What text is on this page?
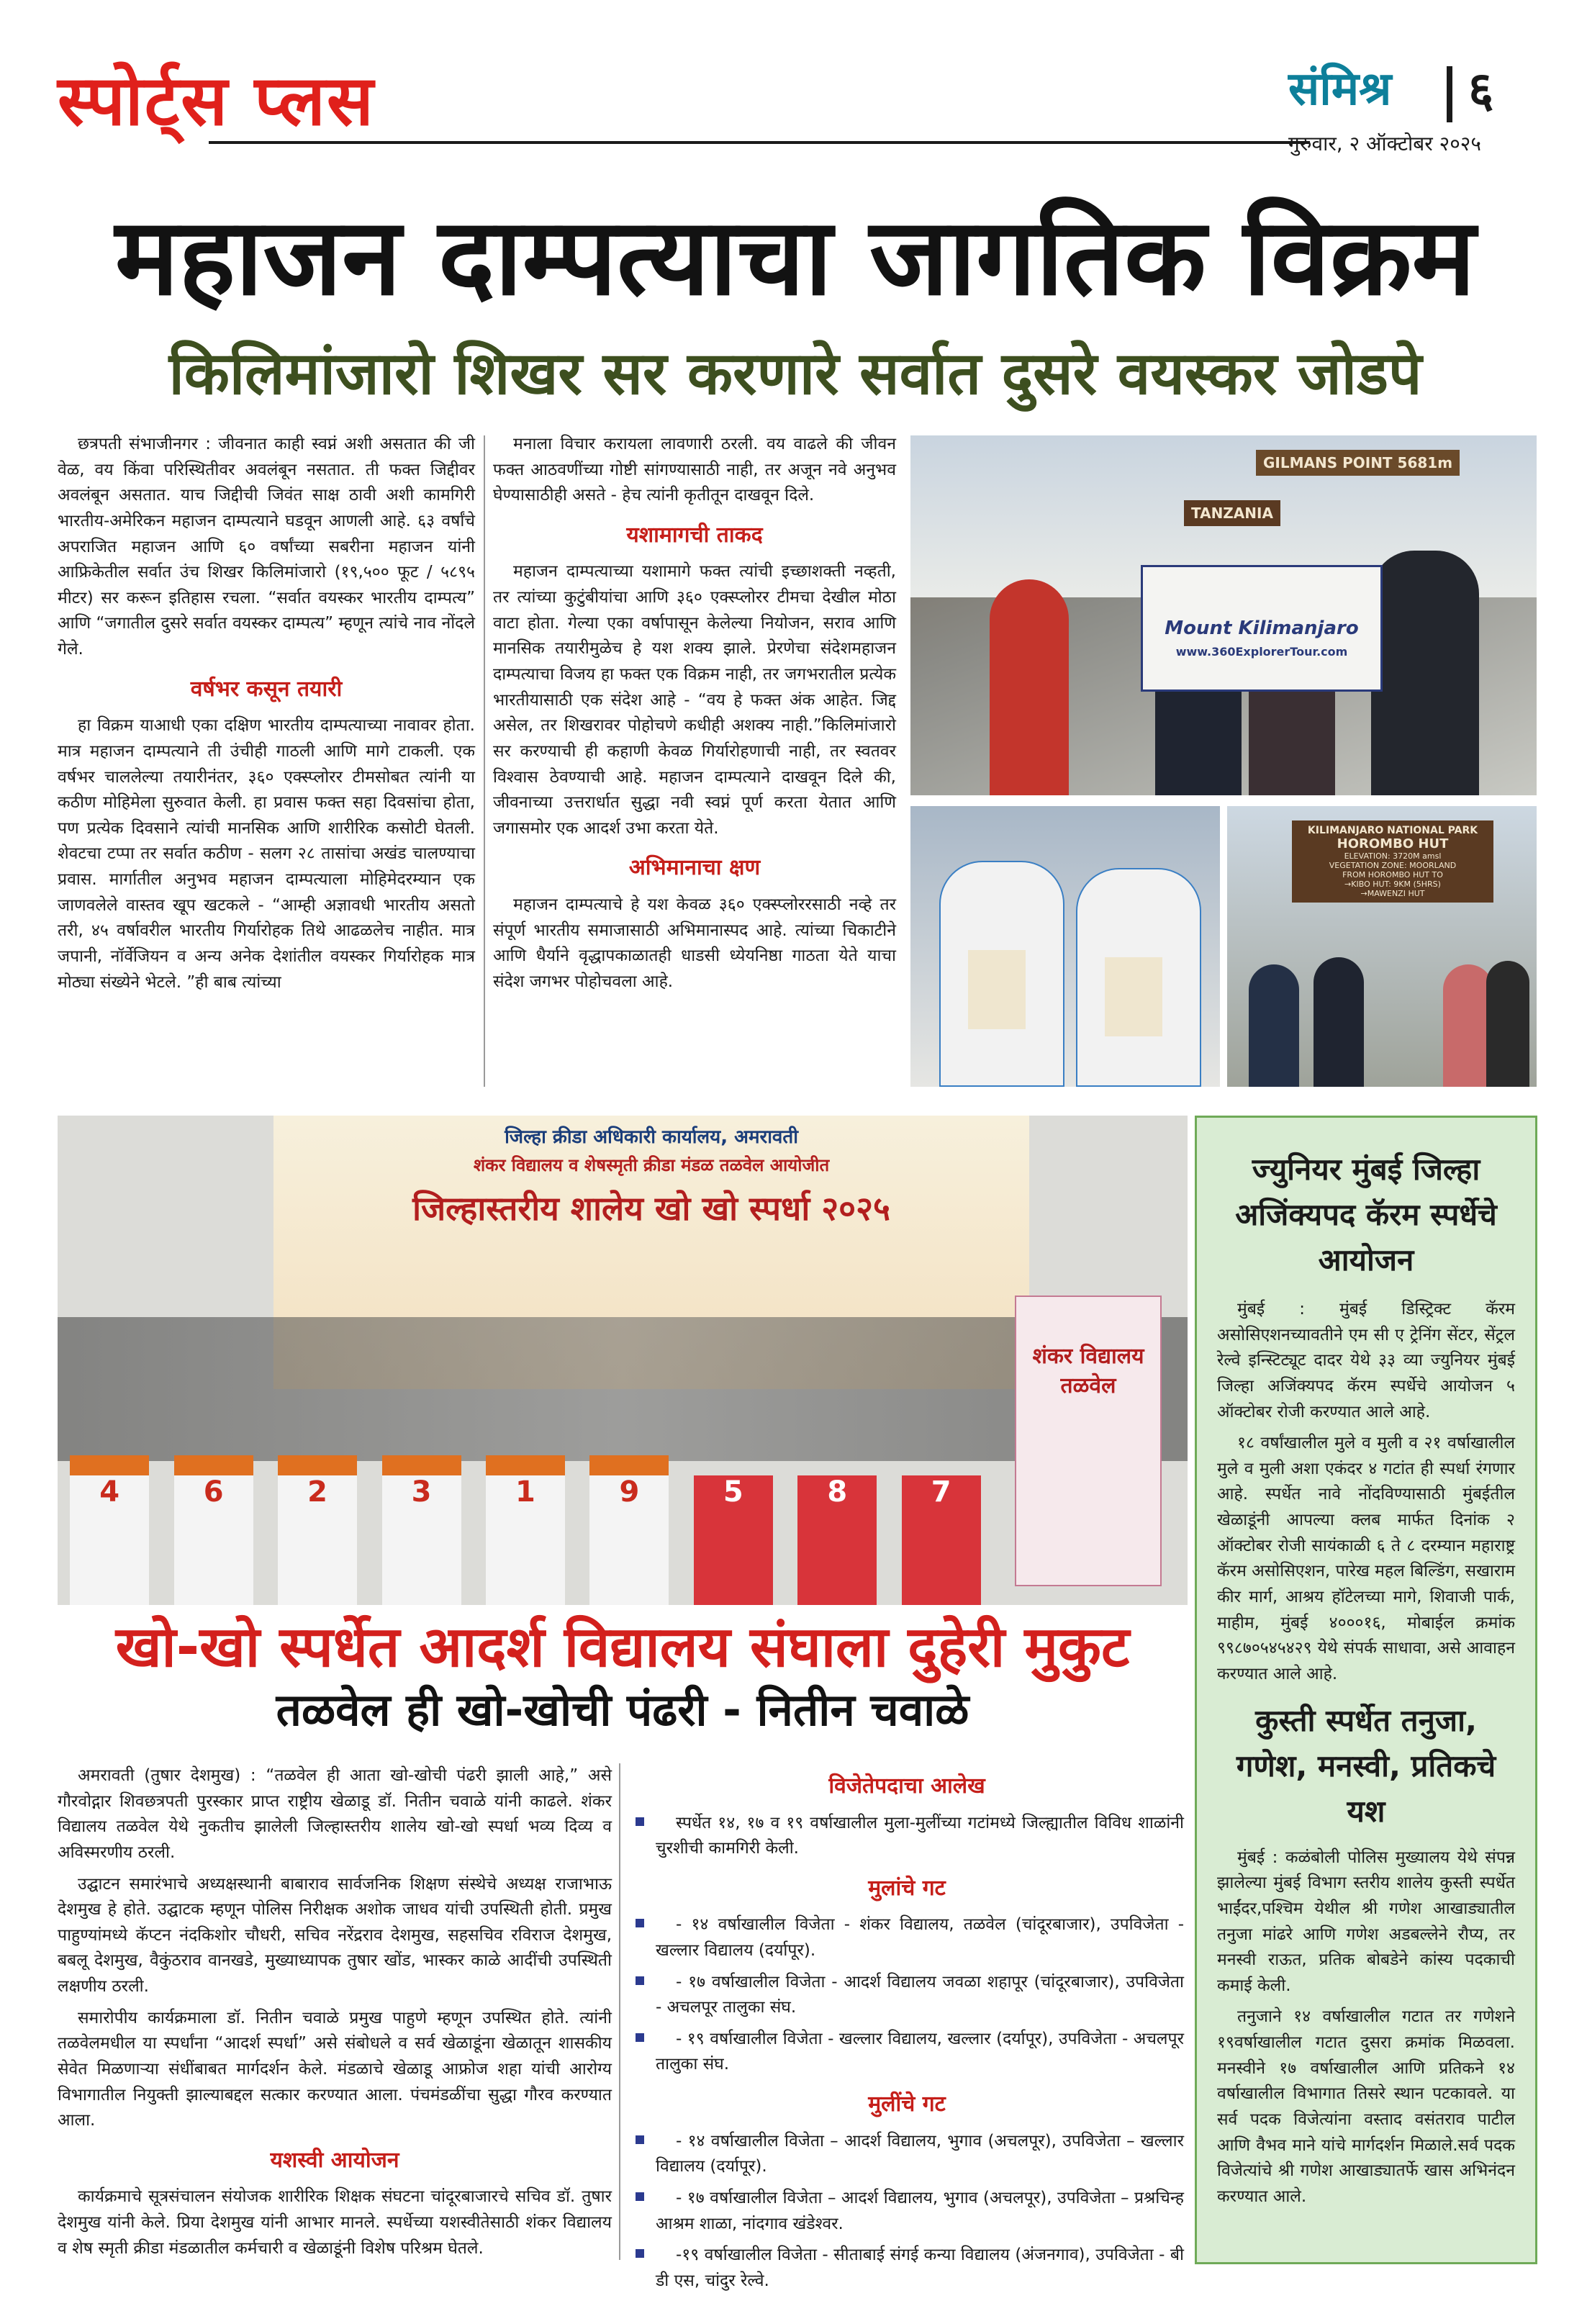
स्पोर्ट्स प्लस	संमिश्र ६
गुरुवार, २ ऑक्टोबर २०२५
महाजन दाम्पत्याचा जागतिक विक्रम
किलिमांजारो शिखर सर करणारे सर्वात दुसरे वयस्कर जोडपे

छत्रपती संभाजीनगर : जीवनात काही स्वप्नं अशी असतात की जी वेळ, वय किंवा परिस्थितीवर अवलंबून नसतात. ती फक्त जिद्दीवर अवलंबून असतात. याच जिद्दीची जिवंत साक्ष ठावी अशी कामगिरी भारतीय-अमेरिकन महाजन दाम्पत्याने घडवून आणली आहे. ६३ वर्षांचे अपराजित महाजन आणि ६० वर्षांच्या सबरीना महाजन यांनी आफ्रिकेतील सर्वात उंच शिखर किलिमांजारो (१९,५०० फूट / ५८९५ मीटर) सर करून इतिहास रचला. “सर्वात वयस्कर भारतीय दाम्पत्य” आणि “जगातील दुसरे सर्वात वयस्कर दाम्पत्य” म्हणून त्यांचे नाव नोंदले गेले.

वर्षभर कसून तयारी

हा विक्रम याआधी एका दक्षिण भारतीय दाम्पत्याच्या नावावर होता. मात्र महाजन दाम्पत्याने ती उंचीही गाठली आणि मागे टाकली. एक वर्षभर चाललेल्या तयारीनंतर, ३६० एक्स्प्लोरर टीमसोबत त्यांनी या कठीण मोहिमेला सुरुवात केली. हा प्रवास फक्त सहा दिवसांचा होता, पण प्रत्येक दिवसाने त्यांची मानसिक आणि शारीरिक कसोटी घेतली. शेवटचा टप्पा तर सर्वात कठीण - सलग २८ तासांचा अखंड चालण्याचा प्रवास. मार्गातील अनुभव महाजन दाम्पत्याला मोहिमेदरम्यान एक जाणवलेले वास्तव खूप खटकले - “आम्ही अज्ञावधी भारतीय असतो तरी, ४५ वर्षावरील भारतीय गिर्यारोहक तिथे आढळलेच नाहीत. मात्र जपानी, नॉर्वेजियन व अन्य अनेक देशांतील वयस्कर गिर्यारोहक मात्र मोठ्या संख्येने भेटले. ”ही बाब त्यांच्या

मनाला विचार करायला लावणारी ठरली. वय वाढले की जीवन फक्त आठवणींच्या गोष्टी सांगण्यासाठी नाही, तर अजून नवे अनुभव घेण्यासाठीही असते - हेच त्यांनी कृतीतून दाखवून दिले.

यशामागची ताकद

महाजन दाम्पत्याच्या यशामागे फक्त त्यांची इच्छाशक्ती नव्हती, तर त्यांच्या कुटुंबीयांचा आणि ३६० एक्स्प्लोरर टीमचा देखील मोठा वाटा होता. गेल्या एका वर्षापासून केलेल्या नियोजन, सराव आणि मानसिक तयारीमुळेच हे यश शक्य झाले. प्रेरणेचा संदेशमहाजन दाम्पत्याचा विजय हा फक्त एक विक्रम नाही, तर जगभरातील प्रत्येक भारतीयासाठी एक संदेश आहे - “वय हे फक्त अंक आहेत. जिद्द असेल, तर शिखरावर पोहोचणे कधीही अशक्य नाही.”किलिमांजारो सर करण्याची ही कहाणी केवळ गिर्यारोहणाची नाही, तर स्वतवर विश्वास ठेवण्याची आहे. महाजन दाम्पत्याने दाखवून दिले की, जीवनाच्या उत्तरार्धात सुद्धा नवी स्वप्नं पूर्ण करता येतात आणि जगासमोर एक आदर्श उभा करता येते.

अभिमानाचा क्षण

महाजन दाम्पत्याचे हे यश केवळ ३६० एक्स्प्लोररसाठी नव्हे तर संपूर्ण भारतीय समाजासाठी अभिमानास्पद आहे. त्यांच्या चिकाटीने आणि धैर्याने वृद्धापकाळातही धाडसी ध्येयनिष्ठा गाठता येते याचा संदेश जगभर पोहोचवला आहे.

GILMANS POINT 5681m
TANZANIA
Mount Kilimanjaro
www.360ExplorerTour.com
KILIMANJARO NATIONAL PARK
HOROMBO HUT
ELEVATION: 3720M amsl
VEGETATION ZONE: MOORLAND
FROM HOROMBO HUT TO
→KIBO HUT: 9KM (5HRS)
→MAWENZI HUT
जिल्हा क्रीडा अधिकारी कार्यालय, अमरावती
शंकर विद्यालय व शेषस्मृती क्रीडा मंडळ तळवेल आयोजीत
जिल्हास्तरीय शालेय खो खो स्पर्धा २०२५
शंकर विद्यालय तळवेल
4	6	2	3	1	9	5	8	7
खो-खो स्पर्धेत आदर्श विद्यालय संघाला दुहेरी मुकुट
तळवेल ही खो-खोची पंढरी - नितीन चवाळे

अमरावती (तुषार देशमुख) : “तळवेल ही आता खो-खोची पंढरी झाली आहे,” असे गौरवोद्गार शिवछत्रपती पुरस्कार प्राप्त राष्ट्रीय खेळाडू डॉ. नितीन चवाळे यांनी काढले. शंकर विद्यालय तळवेल येथे नुकतीच झालेली जिल्हास्तरीय शालेय खो-खो स्पर्धा भव्य दिव्य व अविस्मरणीय ठरली.

उद्घाटन समारंभाचे अध्यक्षस्थानी बाबाराव सार्वजनिक शिक्षण संस्थेचे अध्यक्ष राजाभाऊ देशमुख हे होते. उद्घाटक म्हणून पोलिस निरीक्षक अशोक जाधव यांची उपस्थिती होती. प्रमुख पाहुण्यांमध्ये कॅप्टन नंदकिशोर चौधरी, सचिव नरेंद्रराव देशमुख, सहसचिव रविराज देशमुख, बबलू देशमुख, वैकुंठराव वानखडे, मुख्याध्यापक तुषार खोंड, भास्कर काळे आदींची उपस्थिती लक्षणीय ठरली.

समारोपीय कार्यक्रमाला डॉ. नितीन चवाळे प्रमुख पाहुणे म्हणून उपस्थित होते. त्यांनी तळवेलमधील या स्पर्धांना “आदर्श स्पर्धा” असे संबोधले व सर्व खेळाडूंना खेळातून शासकीय सेवेत मिळणाऱ्या संधींबाबत मार्गदर्शन केले. मंडळाचे खेळाडू आफ्रोज शहा यांची आरोग्य विभागातील नियुक्ती झाल्याबद्दल सत्कार करण्यात आला. पंचमंडळींचा सुद्धा गौरव करण्यात आला.

यशस्वी आयोजन

कार्यक्रमाचे सूत्रसंचालन संयोजक शारीरिक शिक्षक संघटना चांदूरबाजारचे सचिव डॉ. तुषार देशमुख यांनी केले. प्रिया देशमुख यांनी आभार मानले. स्पर्धेच्या यशस्वीतेसाठी शंकर विद्यालय व शेष स्मृती क्रीडा मंडळातील कर्मचारी व खेळाडूंनी विशेष परिश्रम घेतले.

विजेतेपदाचा आलेख

स्पर्धेत १४, १७ व १९ वर्षाखालील मुला-मुलींच्या गटांमध्ये जिल्ह्यातील विविध शाळांनी चुरशीची कामगिरी केली.

मुलांचे गट

- १४ वर्षाखालील विजेता - शंकर विद्यालय, तळवेल (चांदूरबाजार), उपविजेता - खल्लार विद्यालय (दर्यापूर).

- १७ वर्षाखालील विजेता - आदर्श विद्यालय जवळा शहापूर (चांदूरबाजार), उपविजेता - अचलपूर तालुका संघ.

- १९ वर्षाखालील विजेता - खल्लार विद्यालय, खल्लार (दर्यापूर), उपविजेता - अचलपूर तालुका संघ.

मुलींचे गट

- १४ वर्षाखालील विजेता – आदर्श विद्यालय, भुगाव (अचलपूर), उपविजेता – खल्लार विद्यालय (दर्यापूर).

- १७ वर्षाखालील विजेता – आदर्श विद्यालय, भुगाव (अचलपूर), उपविजेता – प्रश्रचिन्ह आश्रम शाळा, नांदगाव खंडेश्वर.

-१९ वर्षाखालील विजेता - सीताबाई संगई कन्या विद्यालय (अंजनगाव), उपविजेता - बी डी एस, चांदुर रेल्वे.

ज्युनियर मुंबई जिल्हा अजिंक्यपद कॅरम स्पर्धेचे आयोजन

मुंबई : मुंबई डिस्ट्रिक्ट कॅरम असोसिएशनच्यावतीने एम सी ए ट्रेनिंग सेंटर, सेंट्रल रेल्वे इन्स्टिट्यूट दादर येथे ३३ व्या ज्युनियर मुंबई जिल्हा अजिंक्यपद कॅरम स्पर्धेचे आयोजन ५ ऑक्टोबर रोजी करण्यात आले आहे.

१८ वर्षांखालील मुले व मुली व २१ वर्षाखालील मुले व मुली अशा एकंदर ४ गटांत ही स्पर्धा रंगणार आहे. स्पर्धेत नावे नोंदविण्यासाठी मुंबईतील खेळाडूंनी आपल्या क्लब मार्फत दिनांक २ ऑक्टोबर रोजी सायंकाळी ६ ते ८ दरम्यान महाराष्ट्र कॅरम असोसिएशन, पारेख महल बिल्डिंग, सखाराम कीर मार्ग, आश्रय हॉटेलच्या मागे, शिवाजी पार्क, माहीम, मुंबई ४०००१६, मोबाईल क्रमांक ९९८७०५४५४२९ येथे संपर्क साधावा, असे आवाहन करण्यात आले आहे.

कुस्ती स्पर्धेत तनुजा, गणेश, मनस्वी, प्रतिकचे यश

मुंबई : कळंबोली पोलिस मुख्यालय येथे संपन्न झालेल्या मुंबई विभाग स्तरीय शालेय कुस्ती स्पर्धेत भाईंदर,पश्चिम येथील श्री गणेश आखाड्यातील तनुजा मांढरे आणि गणेश अडबल्लेने रौप्य, तर मनस्वी राऊत, प्रतिक बोबडेने कांस्य पदकाची कमाई केली.

तनुजाने १४ वर्षाखालील गटात तर गणेशने १९वर्षाखालील गटात दुसरा क्रमांक मिळवला. मनस्वीने १७ वर्षाखालील आणि प्रतिकने १४ वर्षाखालील विभागात तिसरे स्थान पटकावले. या सर्व पदक विजेत्यांना वस्ताद वसंतराव पाटील आणि वैभव माने यांचे मार्गदर्शन मिळाले.सर्व पदक विजेत्यांचे श्री गणेश आखाड्यातर्फे खास अभिनंदन करण्यात आले.
